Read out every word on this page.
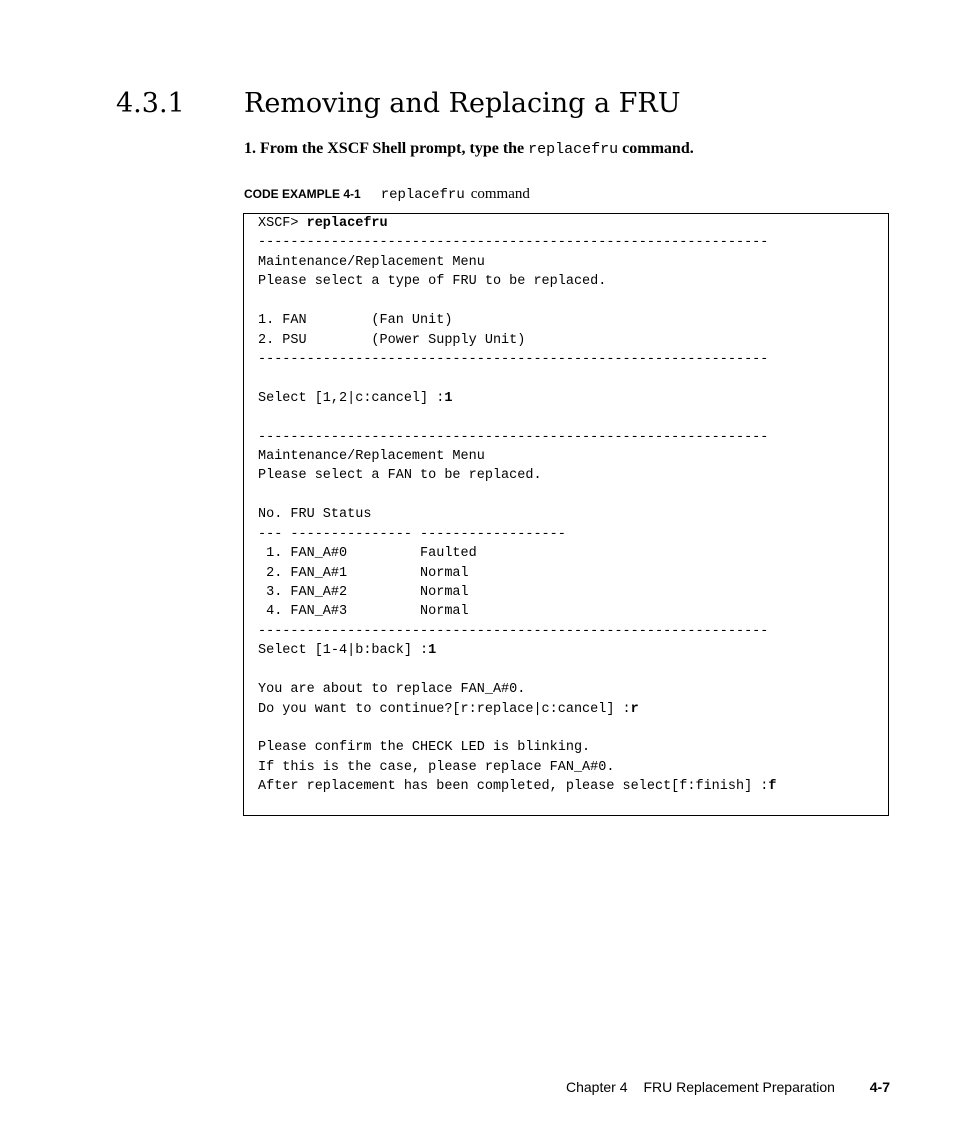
4.3.1 Removing and Replacing a FRU
1. From the XSCF Shell prompt, type the replacefru command.
CODE EXAMPLE 4-1 replacefru command
XSCF> replacefru
---------------------------------------------------------------
Maintenance/Replacement Menu
Please select a type of FRU to be replaced.
1. FAN        (Fan Unit)
2. PSU        (Power Supply Unit)
---------------------------------------------------------------
Select [1,2|c:cancel] :1
---------------------------------------------------------------
Maintenance/Replacement Menu
Please select a FAN to be replaced.
No. FRU Status
--- --------------- ------------------
1. FAN_A#0         Faulted
2. FAN_A#1         Normal
3. FAN_A#2         Normal
4. FAN_A#3         Normal
---------------------------------------------------------------
Select [1-4|b:back] :1
You are about to replace FAN_A#0.
Do you want to continue?[r:replace|c:cancel] :r
Please confirm the CHECK LED is blinking.
If this is the case, please replace FAN_A#0.
After replacement has been completed, please select[f:finish] :f
Chapter 4 FRU Replacement Preparation 4-7
